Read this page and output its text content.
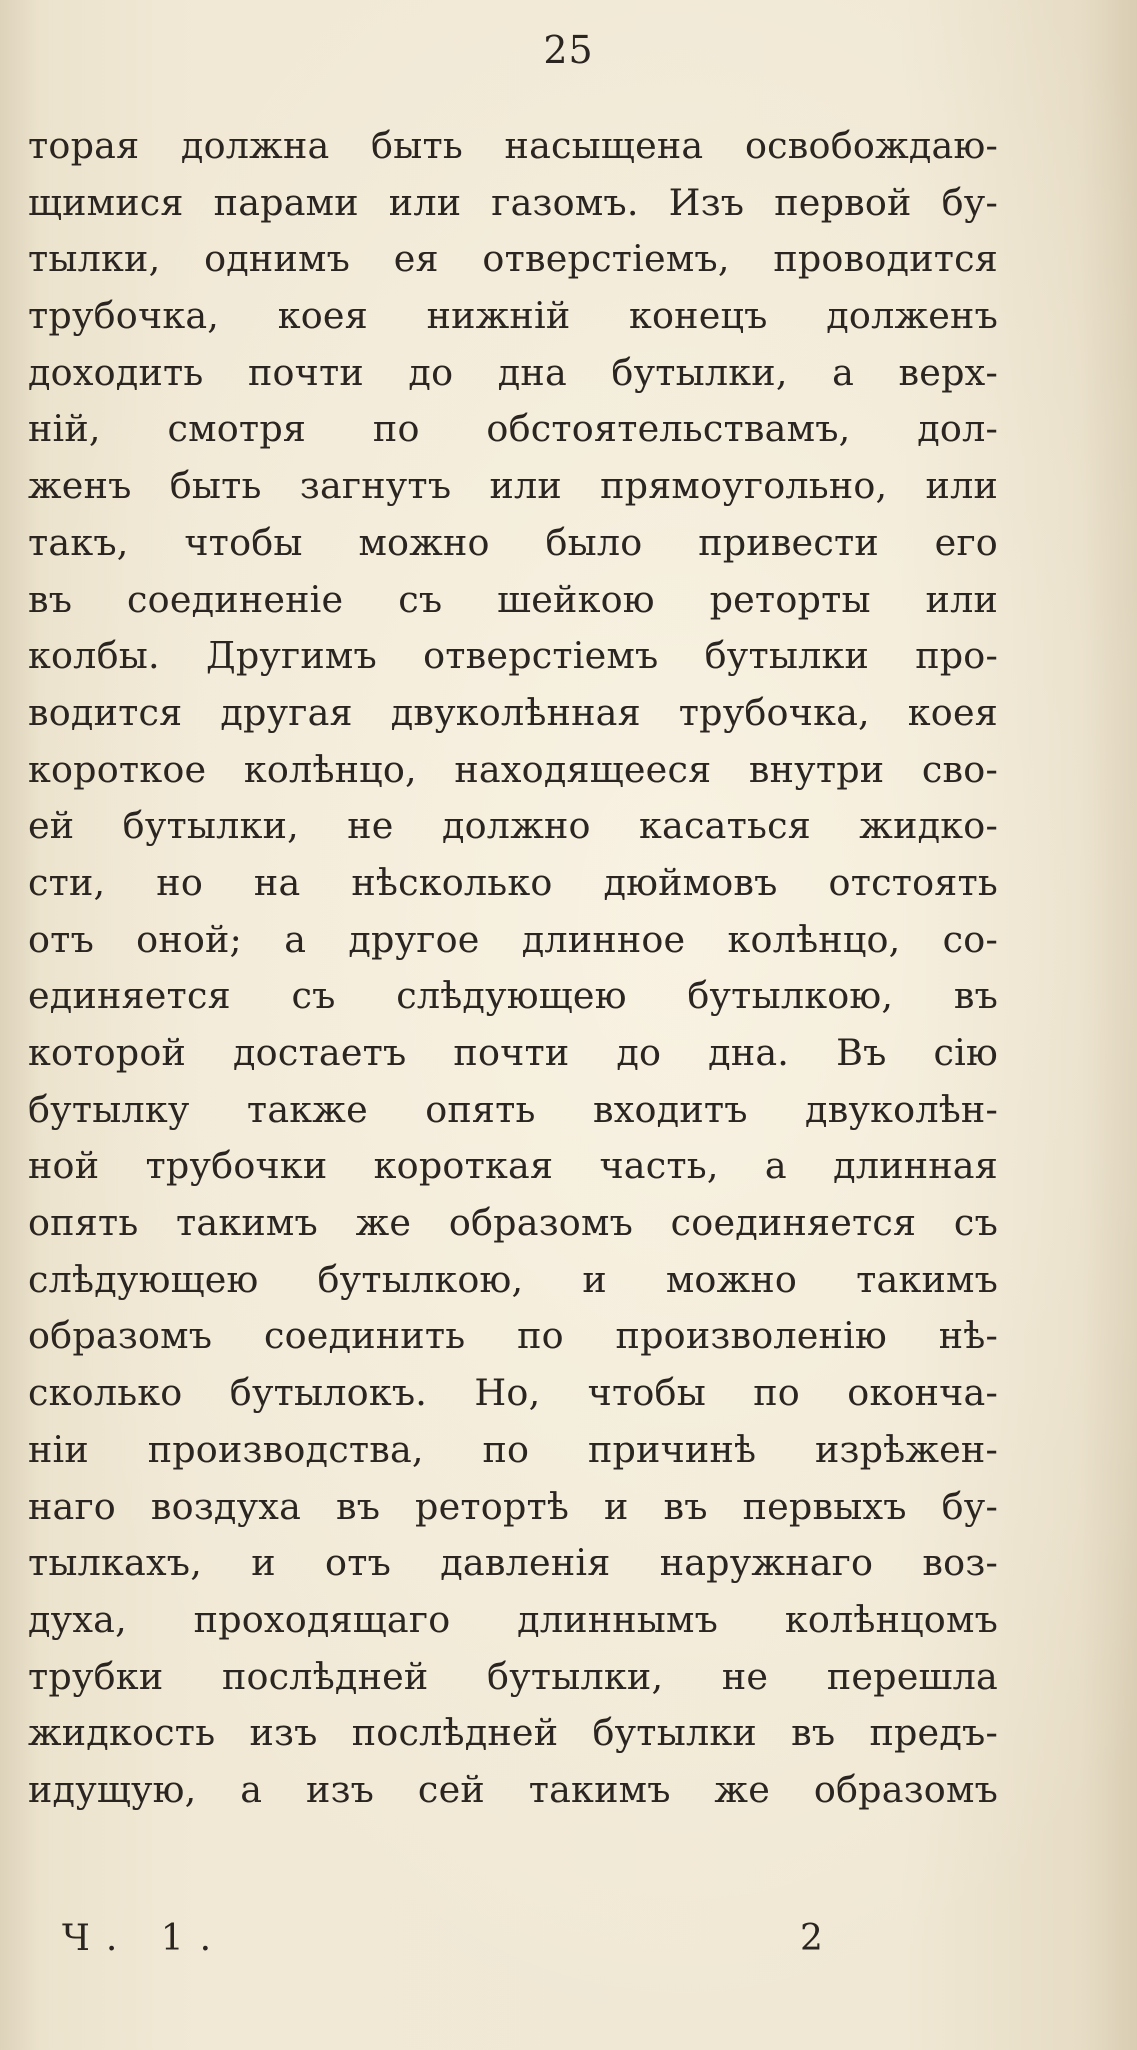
25
торая должна быть насыщена освобождаю-
щимися парами или газомъ. Изъ первой бу-
тылки, однимъ ея отверстіемъ, проводится
трубочка, коея нижній конецъ долженъ
доходить почти до дна бутылки, а верх-
ній, смотря по обстоятельствамъ, дол-
женъ быть загнутъ или прямоугольно, или
такъ, чтобы можно было привести его
въ соединеніе съ шейкою реторты или
колбы. Другимъ отверстіемъ бутылки про-
водится другая двуколѣнная трубочка, коея
короткое колѣнцо, находящееся внутри сво-
ей бутылки, не должно касаться жидко-
сти, но на нѣсколько дюймовъ отстоять
отъ оной; а другое длинное колѣнцо, со-
единяется съ слѣдующею бутылкою, въ
которой достаетъ почти до дна. Въ сію
бутылку также опять входитъ двуколѣн-
ной трубочки короткая часть, а длинная
опять такимъ же образомъ соединяется съ
слѣдующею бутылкою, и можно такимъ
образомъ соединить по произволенію нѣ-
сколько бутылокъ. Но, чтобы по оконча-
ніи производства, по причинѣ изрѣжен-
наго воздуха въ ретортѣ и въ первыхъ бу-
тылкахъ, и отъ давленія наружнаго воз-
духа, проходящаго длиннымъ колѣнцомъ
трубки послѣдней бутылки, не перешла
жидкость изъ послѣдней бутылки въ предъ-
идущую, а изъ сей такимъ же образомъ
Ч. 1.	2
